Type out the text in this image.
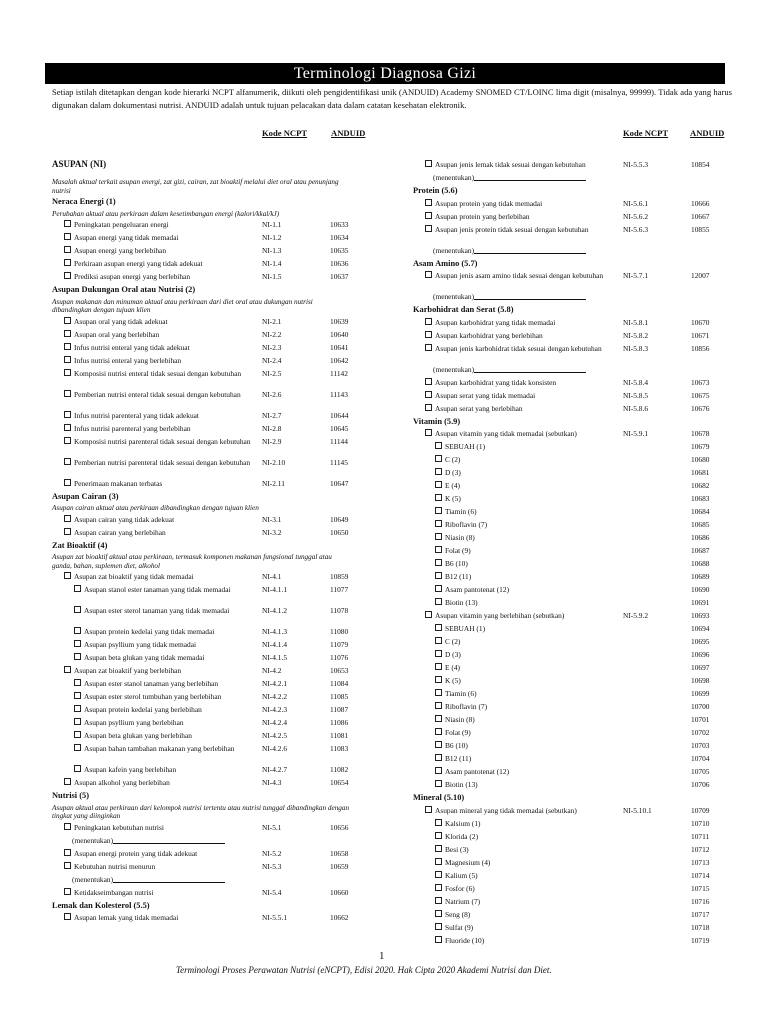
Terminologi Diagnosa Gizi
Setiap istilah ditetapkan dengan kode hierarki NCPT alfanumerik, diikuti oleh pengidentifikasi unik (ANDUID) Academy SNOMED CT/LOINC lima digit (misalnya, 99999). Tidak ada yang harus digunakan dalam dokumentasi nutrisi. ANDUID adalah untuk tujuan pelacakan data dalam catatan kesehatan elektronik.
Kode NCPT	ANDUID	Kode NCPT	ANDUID
ASUPAN (NI)
Masalah aktual terkait asupan energi, zat gizi, cairan, zat bioaktif melalui diet oral atau penunjang nutrisi
Neraca Energi (1)
Perubahan aktual atau perkiraan dalam kesetimbangan energi (kalori/kkal/kJ)
Peningkatan pengeluaran energi	NI-1.1	10633
Asupan energi yang tidak memadai	NI-1.2	10634
Asupan energi yang berlebihan	NI-1.3	10635
Perkiraan asupan energi yang tidak adekuat	NI-1.4	10636
Prediksi asupan energi yang berlebihan	NI-1.5	10637
Asupan Dukungan Oral atau Nutrisi (2)
Asupan makanan dan minuman aktual atau perkiraan dari diet oral atau dukungan nutrisi dibandingkan dengan tujuan klien
Asupan oral yang tidak adekuat	NI-2.1	10639
Asupan oral yang berlebihan	NI-2.2	10640
Infus nutrisi enteral yang tidak adekuat	NI-2.3	10641
Infus nutrisi enteral yang berlebihan	NI-2.4	10642
Komposisi nutrisi enteral tidak sesuai dengan kebutuhan	NI-2.5	11142
Pemberian nutrisi enteral tidak sesuai dengan kebutuhan	NI-2.6	11143
Infus nutrisi parenteral yang tidak adekuat	NI-2.7	10644
Infus nutrisi parenteral yang berlebihan	NI-2.8	10645
Komposisi nutrisi parenteral tidak sesuai dengan kebutuhan	NI-2.9	11144
Pemberian nutrisi parenteral tidak sesuai dengan kebutuhan	NI-2.10	11145
Penerimaan makanan terbatas	NI-2.11	10647
Asupan Cairan (3)
Asupan cairan aktual atau perkiraan dibandingkan dengan tujuan klien
Asupan cairan yang tidak adekuat	NI-3.1	10649
Asupan cairan yang berlebihan	NI-3.2	10650
Zat Bioaktif (4)
Asupan zat bioaktif aktual atau perkiraan, termasuk komponen makanan fungsional tunggal atau ganda, bahan, suplemen diet, alkohol
Asupan zat bioaktif yang tidak memadai	NI-4.1	10859
Asupan stanol ester tanaman yang tidak memadai	NI-4.1.1	11077
Asupan ester sterol tanaman yang tidak memadai	NI-4.1.2	11078
Asupan protein kedelai yang tidak memadai	NI-4.1.3	11080
Asupan psyllium yang tidak memadai	NI-4.1.4	11079
Asupan beta glukan yang tidak memadai	NI-4.1.5	11076
Asupan zat bioaktif yang berlebihan	NI-4.2	10653
Asupan ester stanol tanaman yang berlebihan	NI-4.2.1	11084
Asupan ester sterol tumbuhan yang berlebihan	NI-4.2.2	11085
Asupan protein kedelai yang berlebihan	NI-4.2.3	11087
Asupan psyllium yang berlebihan	NI-4.2.4	11086
Asupan beta glukan yang berlebihan	NI-4.2.5	11081
Asupan bahan tambahan makanan yang berlebihan	NI-4.2.6	11083
Asupan kafein yang berlebihan	NI-4.2.7	11082
Asupan alkohol yang berlebihan	NI-4.3	10654
Nutrisi (5)
Asupan aktual atau perkiraan dari kelompok nutrisi tertentu atau nutrisi tunggal dibandingkan dengan tingkat yang diinginkan
Peningkatan kebutuhan nutrisi	NI-5.1	10656
(menentukan)
Asupan energi protein yang tidak adekuat	NI-5.2	10658
Kebutuhan nutrisi menurun	NI-5.3	10659
(menentukan)
Ketidakseimbangan nutrisi	NI-5.4	10660
Lemak dan Kolesterol (5.5)
Asupan lemak yang tidak memadai	NI-5.5.1	10662
Asupan jenis lemak tidak sesuai dengan kebutuhan	NI-5.5.3	10854
(menentukan)
Protein (5.6)
Asupan protein yang tidak memadai	NI-5.6.1	10666
Asupan protein yang berlebihan	NI-5.6.2	10667
Asupan jenis protein tidak sesuai dengan kebutuhan	NI-5.6.3	10855
(menentukan)
Asam Amino (5.7)
Asupan jenis asam amino tidak sesuai dengan kebutuhan	NI-5.7.1	12007
(menentukan)
Karbohidrat dan Serat (5.8)
Asupan karbohidrat yang tidak memadai	NI-5.8.1	10670
Asupan karbohidrat yang berlebihan	NI-5.8.2	10671
Asupan jenis karbohidrat tidak sesuai dengan kebutuhan	NI-5.8.3	10856
(menentukan)
Asupan karbohidrat yang tidak konsisten	NI-5.8.4	10673
Asupan serat yang tidak memadai	NI-5.8.5	10675
Asupan serat yang berlebihan	NI-5.8.6	10676
Vitamin (5.9)
Asupan vitamin yang tidak memadai (sebutkan)	NI-5.9.1	10678
SEBUAH (1)	10679
C (2)	10680
D (3)	10681
E (4)	10682
K (5)	10683
Tiamin (6)	10684
Riboflavin (7)	10685
Niasin (8)	10686
Folat (9)	10687
B6 (10)	10688
B12 (11)	10689
Asam pantotenat (12)	10690
Biotin (13)	10691
Asupan vitamin yang berlebihan (sebutkan)	NI-5.9.2	10693
SEBUAH (1)	10694
C (2)	10695
D (3)	10696
E (4)	10697
K (5)	10698
Tiamin (6)	10699
Riboflavin (7)	10700
Niasin (8)	10701
Folat (9)	10702
B6 (10)	10703
B12 (11)	10704
Asam pantotenat (12)	10705
Biotin (13)	10706
Mineral (5.10)
Asupan mineral yang tidak memadai (sebutkan)	NI-5.10.1	10709
Kalsium (1)	10710
Klorida (2)	10711
Besi (3)	10712
Magnesium (4)	10713
Kalium (5)	10714
Fosfor (6)	10715
Natrium (7)	10716
Seng (8)	10717
Sulfat (9)	10718
Fluoride (10)	10719
1
Terminologi Proses Perawatan Nutrisi (eNCPT), Edisi 2020. Hak Cipta 2020 Akademi Nutrisi dan Diet.
